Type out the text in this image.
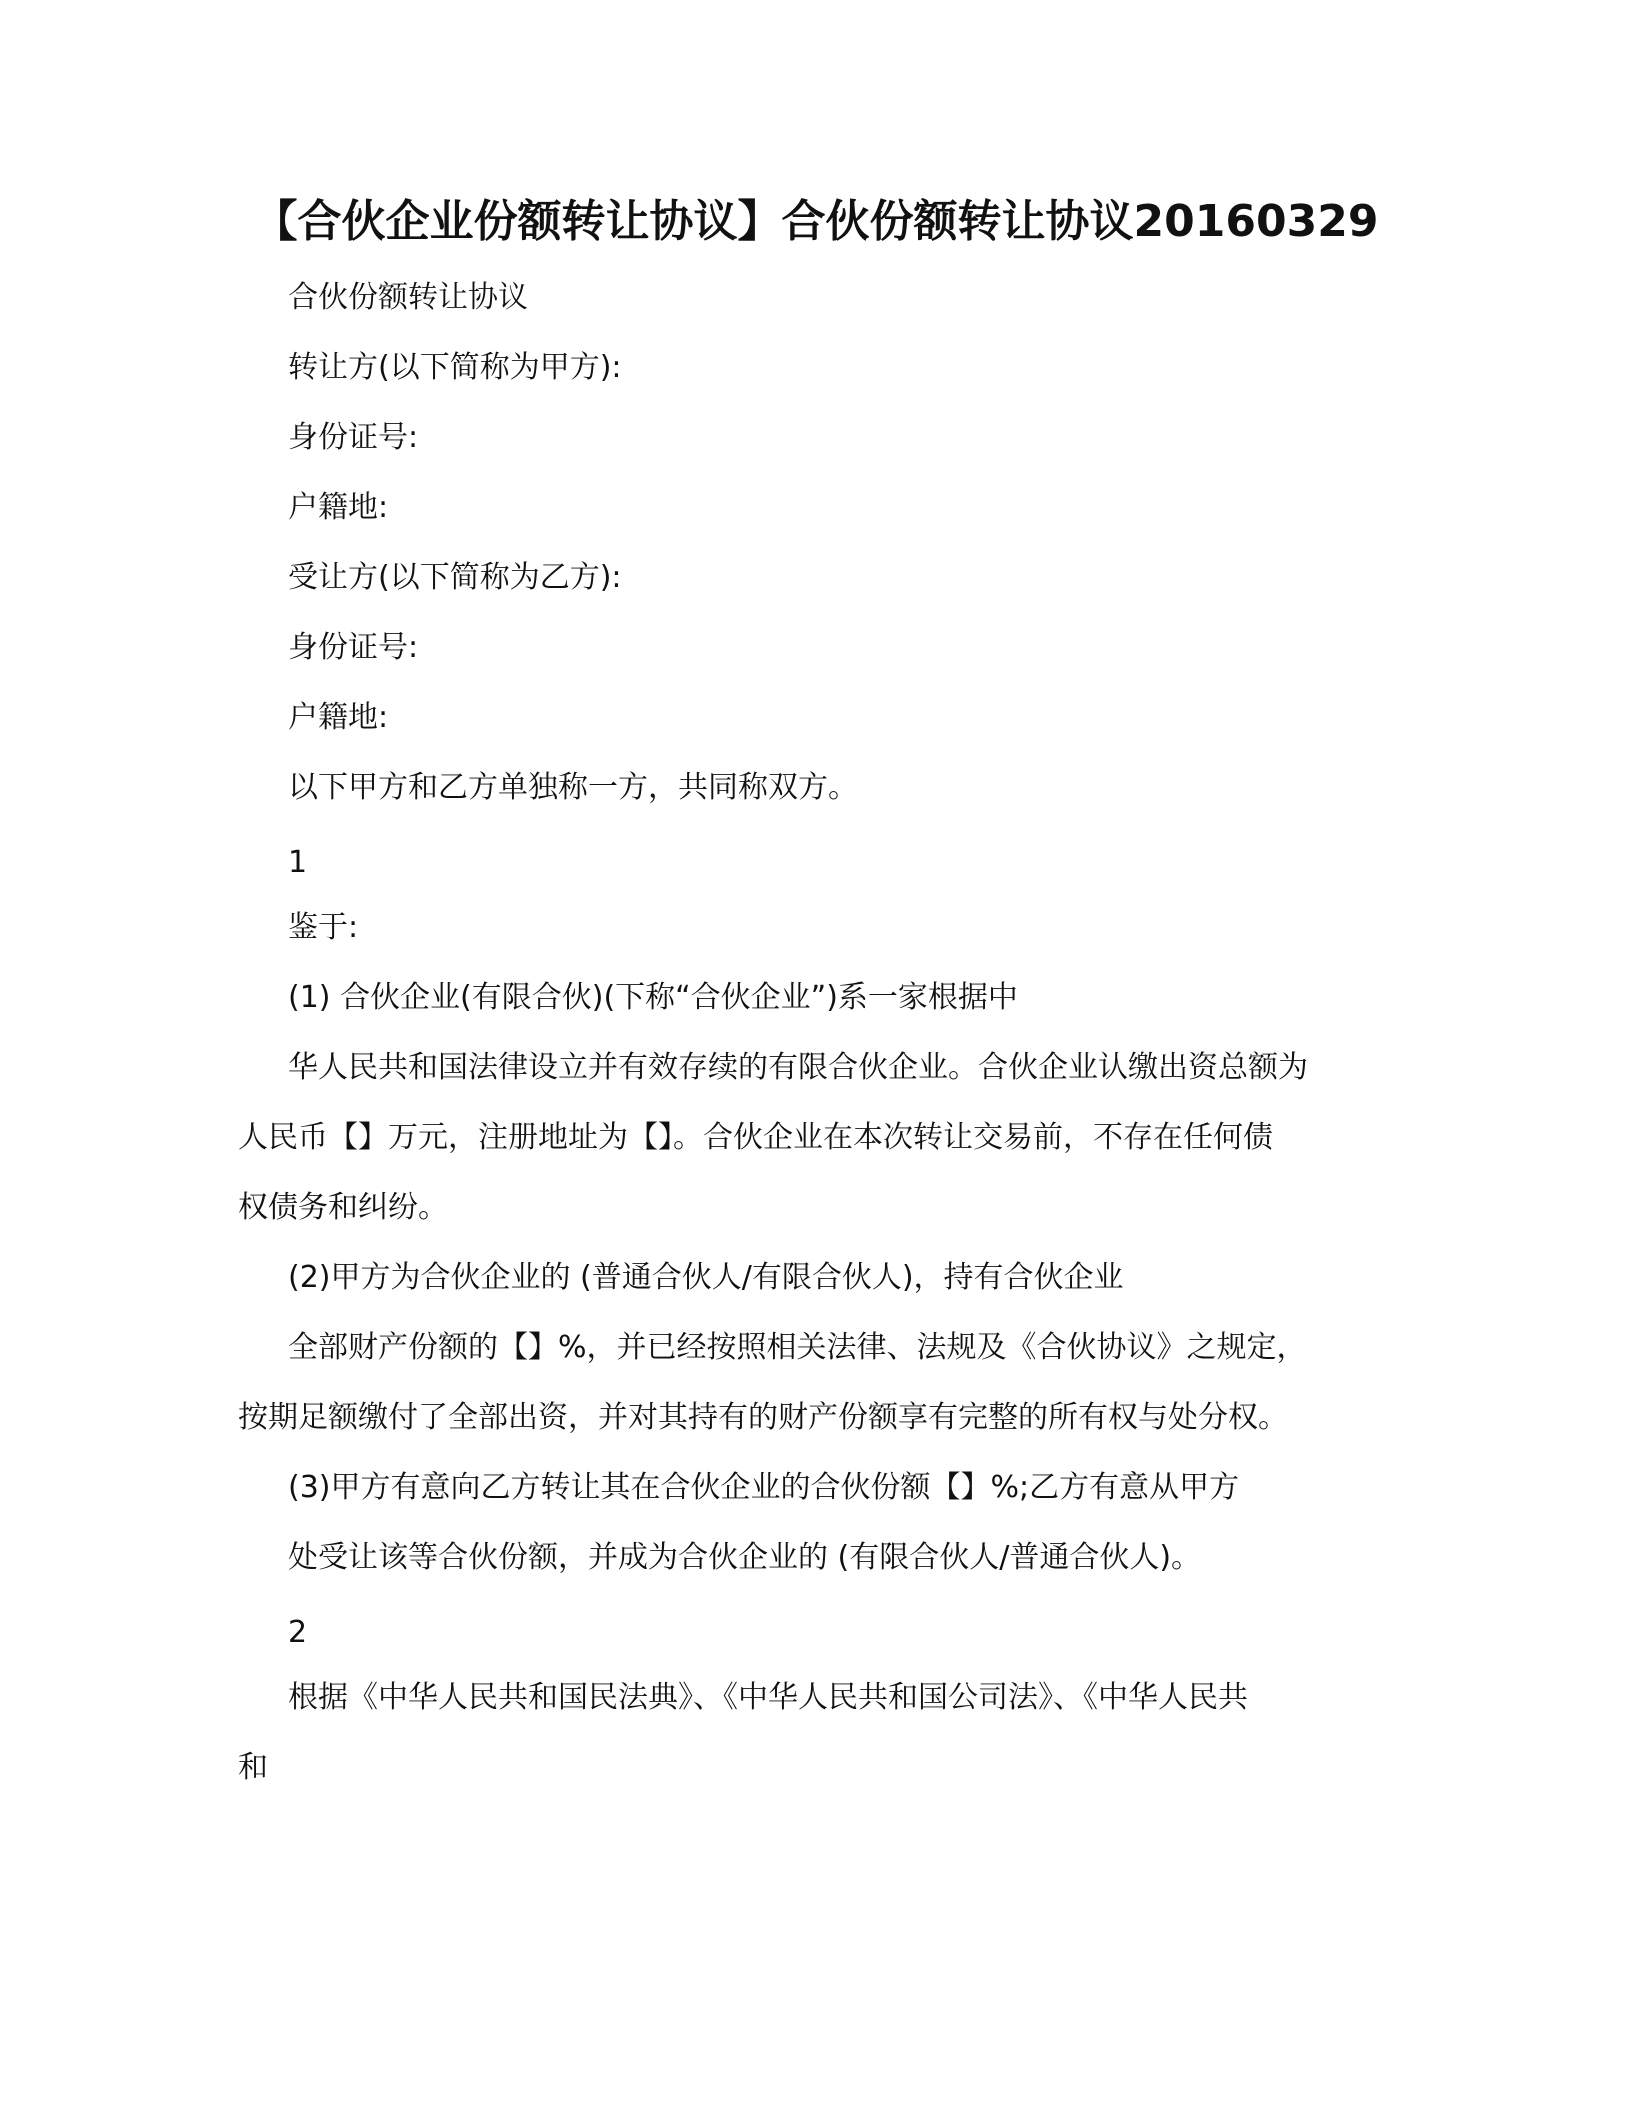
【合伙企业份额转让协议】合伙份额转让协议20160329
合伙份额转让协议
转让方(以下简称为甲方):
身份证号:
户籍地:
受让方(以下简称为乙方):
身份证号:
户籍地:
以下甲方和乙方单独称一方，共同称双方。
1
鉴于:
(1) 合伙企业(有限合伙)(下称“合伙企业”)系一家根据中
华人民共和国法律设立并有效存续的有限合伙企业。合伙企业认缴出资总额为
人民币【】万元，注册地址为【】。合伙企业在本次转让交易前，不存在任何债
权债务和纠纷。
(2)甲方为合伙企业的 (普通合伙人/有限合伙人)，持有合伙企业
全部财产份额的【】%，并已经按照相关法律、法规及《合伙协议》之规定，
按期足额缴付了全部出资，并对其持有的财产份额享有完整的所有权与处分权。
(3)甲方有意向乙方转让其在合伙企业的合伙份额【】%;乙方有意从甲方
处受让该等合伙份额，并成为合伙企业的 (有限合伙人/普通合伙人)。
2
根据《中华人民共和国民法典》、《中华人民共和国公司法》、《中华人民共
和
